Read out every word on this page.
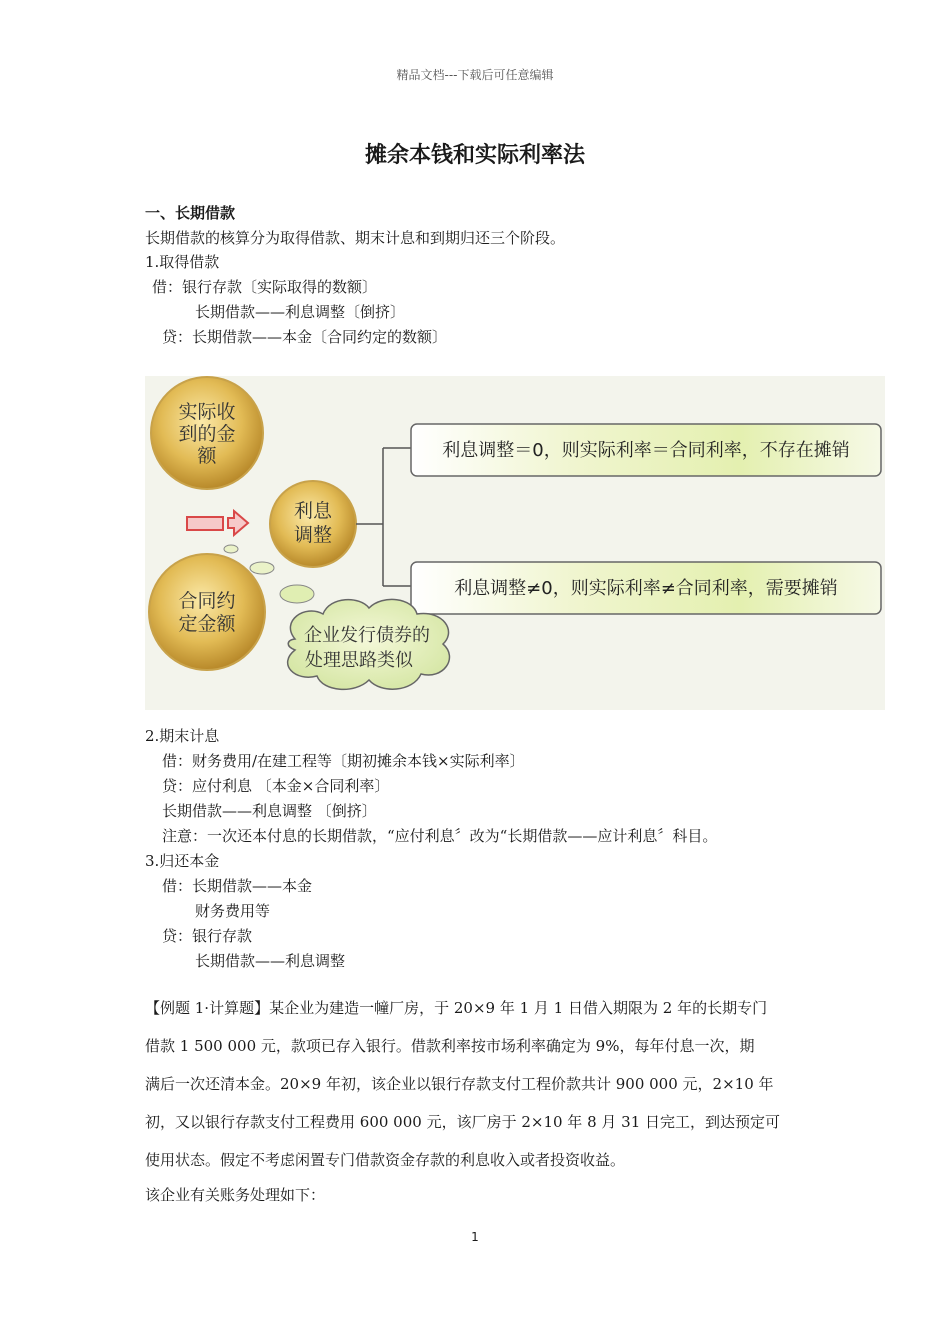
精品文档---下载后可任意编辑
摊余本钱和实际利率法
一、长期借款
长期借款的核算分为取得借款、期末计息和到期归还三个阶段。
1.取得借款
借：银行存款〔实际取得的数额〕
长期借款——利息调整〔倒挤〕
贷：长期借款——本金〔合同约定的数额〕
实际收
到的金
额
合同约
定金额
利息
调整
利息调整＝0，则实际利率＝合同利率，不存在摊销
利息调整≠0，则实际利率≠合同利率，需要摊销
企业发行债券的
处理思路类似
2.期末计息
借：财务费用/在建工程等〔期初摊余本钱×实际利率〕
贷：应付利息 〔本金×合同利率〕
长期借款——利息调整 〔倒挤〕
注意：一次还本付息的长期借款，“应付利息〞改为“长期借款——应计利息〞科目。
3.归还本金
借：长期借款——本金
财务费用等
贷：银行存款
长期借款——利息调整
【例题 1·计算题】某企业为建造一幢厂房，于 20×9 年 1 月 1 日借入期限为 2 年的长期专门
借款 1 500 000 元，款项已存入银行。借款利率按市场利率确定为 9%，每年付息一次，期
满后一次还清本金。20×9 年初，该企业以银行存款支付工程价款共计 900 000 元，2×10 年
初，又以银行存款支付工程费用 600 000 元，该厂房于 2×10 年 8 月 31 日完工，到达预定可
使用状态。假定不考虑闲置专门借款资金存款的利息收入或者投资收益。
该企业有关账务处理如下：
1
